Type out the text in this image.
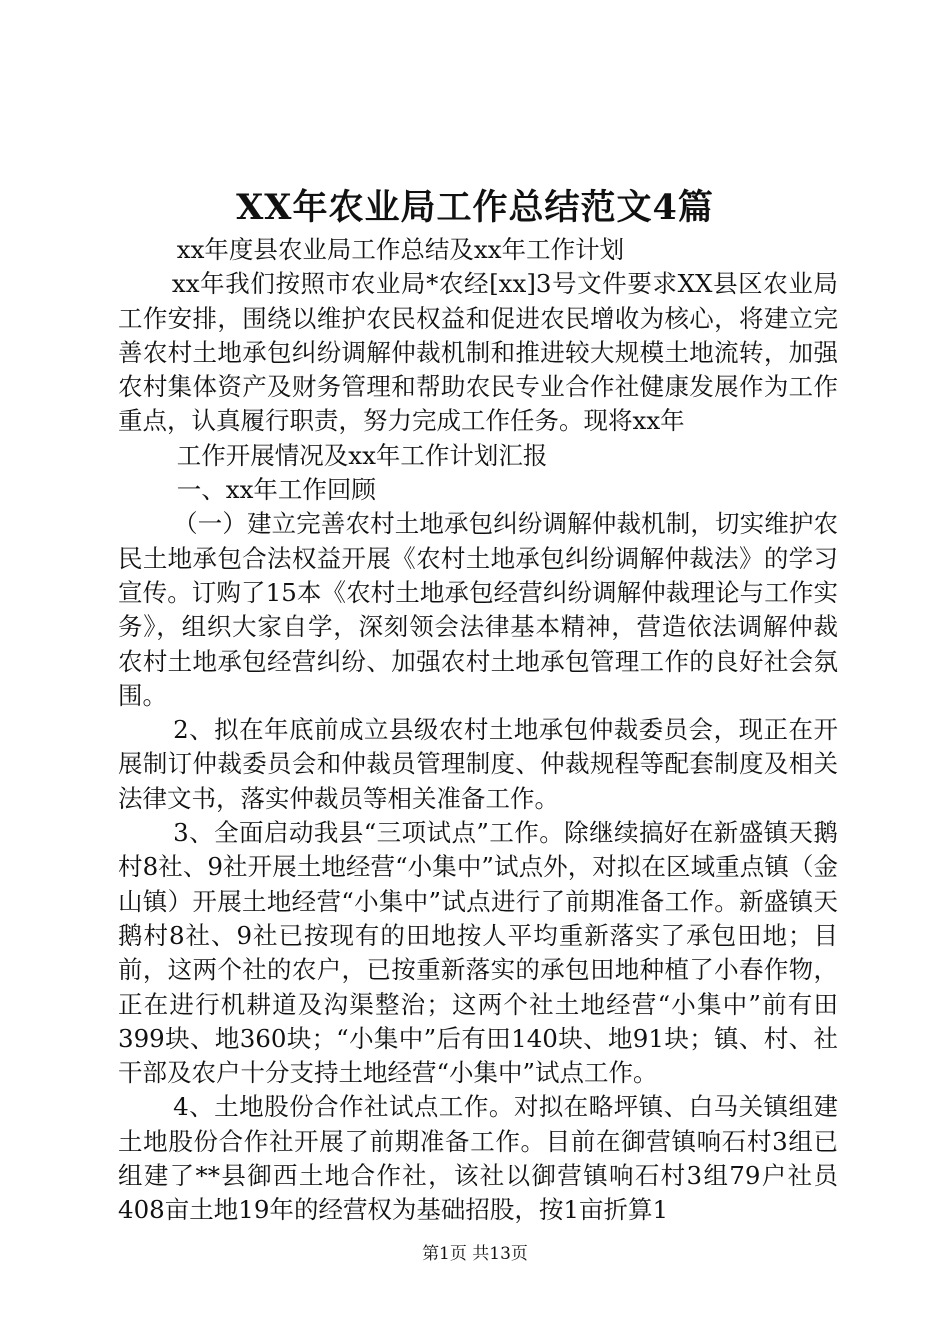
XX年农业局工作总结范文4篇

xx年度县农业局工作总结及xx年工作计划

xx年我们按照市农业局*农经[xx]3号文件要求XX县区农业局工作安排，围绕以维护农民权益和促进农民增收为核心，将建立完善农村土地承包纠纷调解仲裁机制和推进较大规模土地流转，加强农村集体资产及财务管理和帮助农民专业合作社健康发展作为工作重点，认真履行职责，努力完成工作任务。现将xx年

工作开展情况及xx年工作计划汇报

一、xx年工作回顾

（一）建立完善农村土地承包纠纷调解仲裁机制，切实维护农民土地承包合法权益开展《农村土地承包纠纷调解仲裁法》的学习宣传。订购了15本《农村土地承包经营纠纷调解仲裁理论与工作实务》，组织大家自学，深刻领会法律基本精神，营造依法调解仲裁农村土地承包经营纠纷、加强农村土地承包管理工作的良好社会氛围。

2、拟在年底前成立县级农村土地承包仲裁委员会，现正在开展制订仲裁委员会和仲裁员管理制度、仲裁规程等配套制度及相关法律文书，落实仲裁员等相关准备工作。

3、全面启动我县“三项试点”工作。除继续搞好在新盛镇天鹅村8社、9社开展土地经营“小集中”试点外，对拟在区域重点镇（金山镇）开展土地经营“小集中”试点进行了前期准备工作。新盛镇天鹅村8社、9社已按现有的田地按人平均重新落实了承包田地；目前，这两个社的农户，已按重新落实的承包田地种植了小春作物，正在进行机耕道及沟渠整治；这两个社土地经营“小集中”前有田399块、地360块；“小集中”后有田140块、地91块；镇、村、社干部及农户十分支持土地经营“小集中”试点工作。

4、土地股份合作社试点工作。对拟在略坪镇、白马关镇组建土地股份合作社开展了前期准备工作。目前在御营镇响石村3组已组建了**县御西土地合作社，该社以御营镇响石村3组79户社员408亩土地19年的经营权为基础招股，按1亩折算1

第1页 共13页
